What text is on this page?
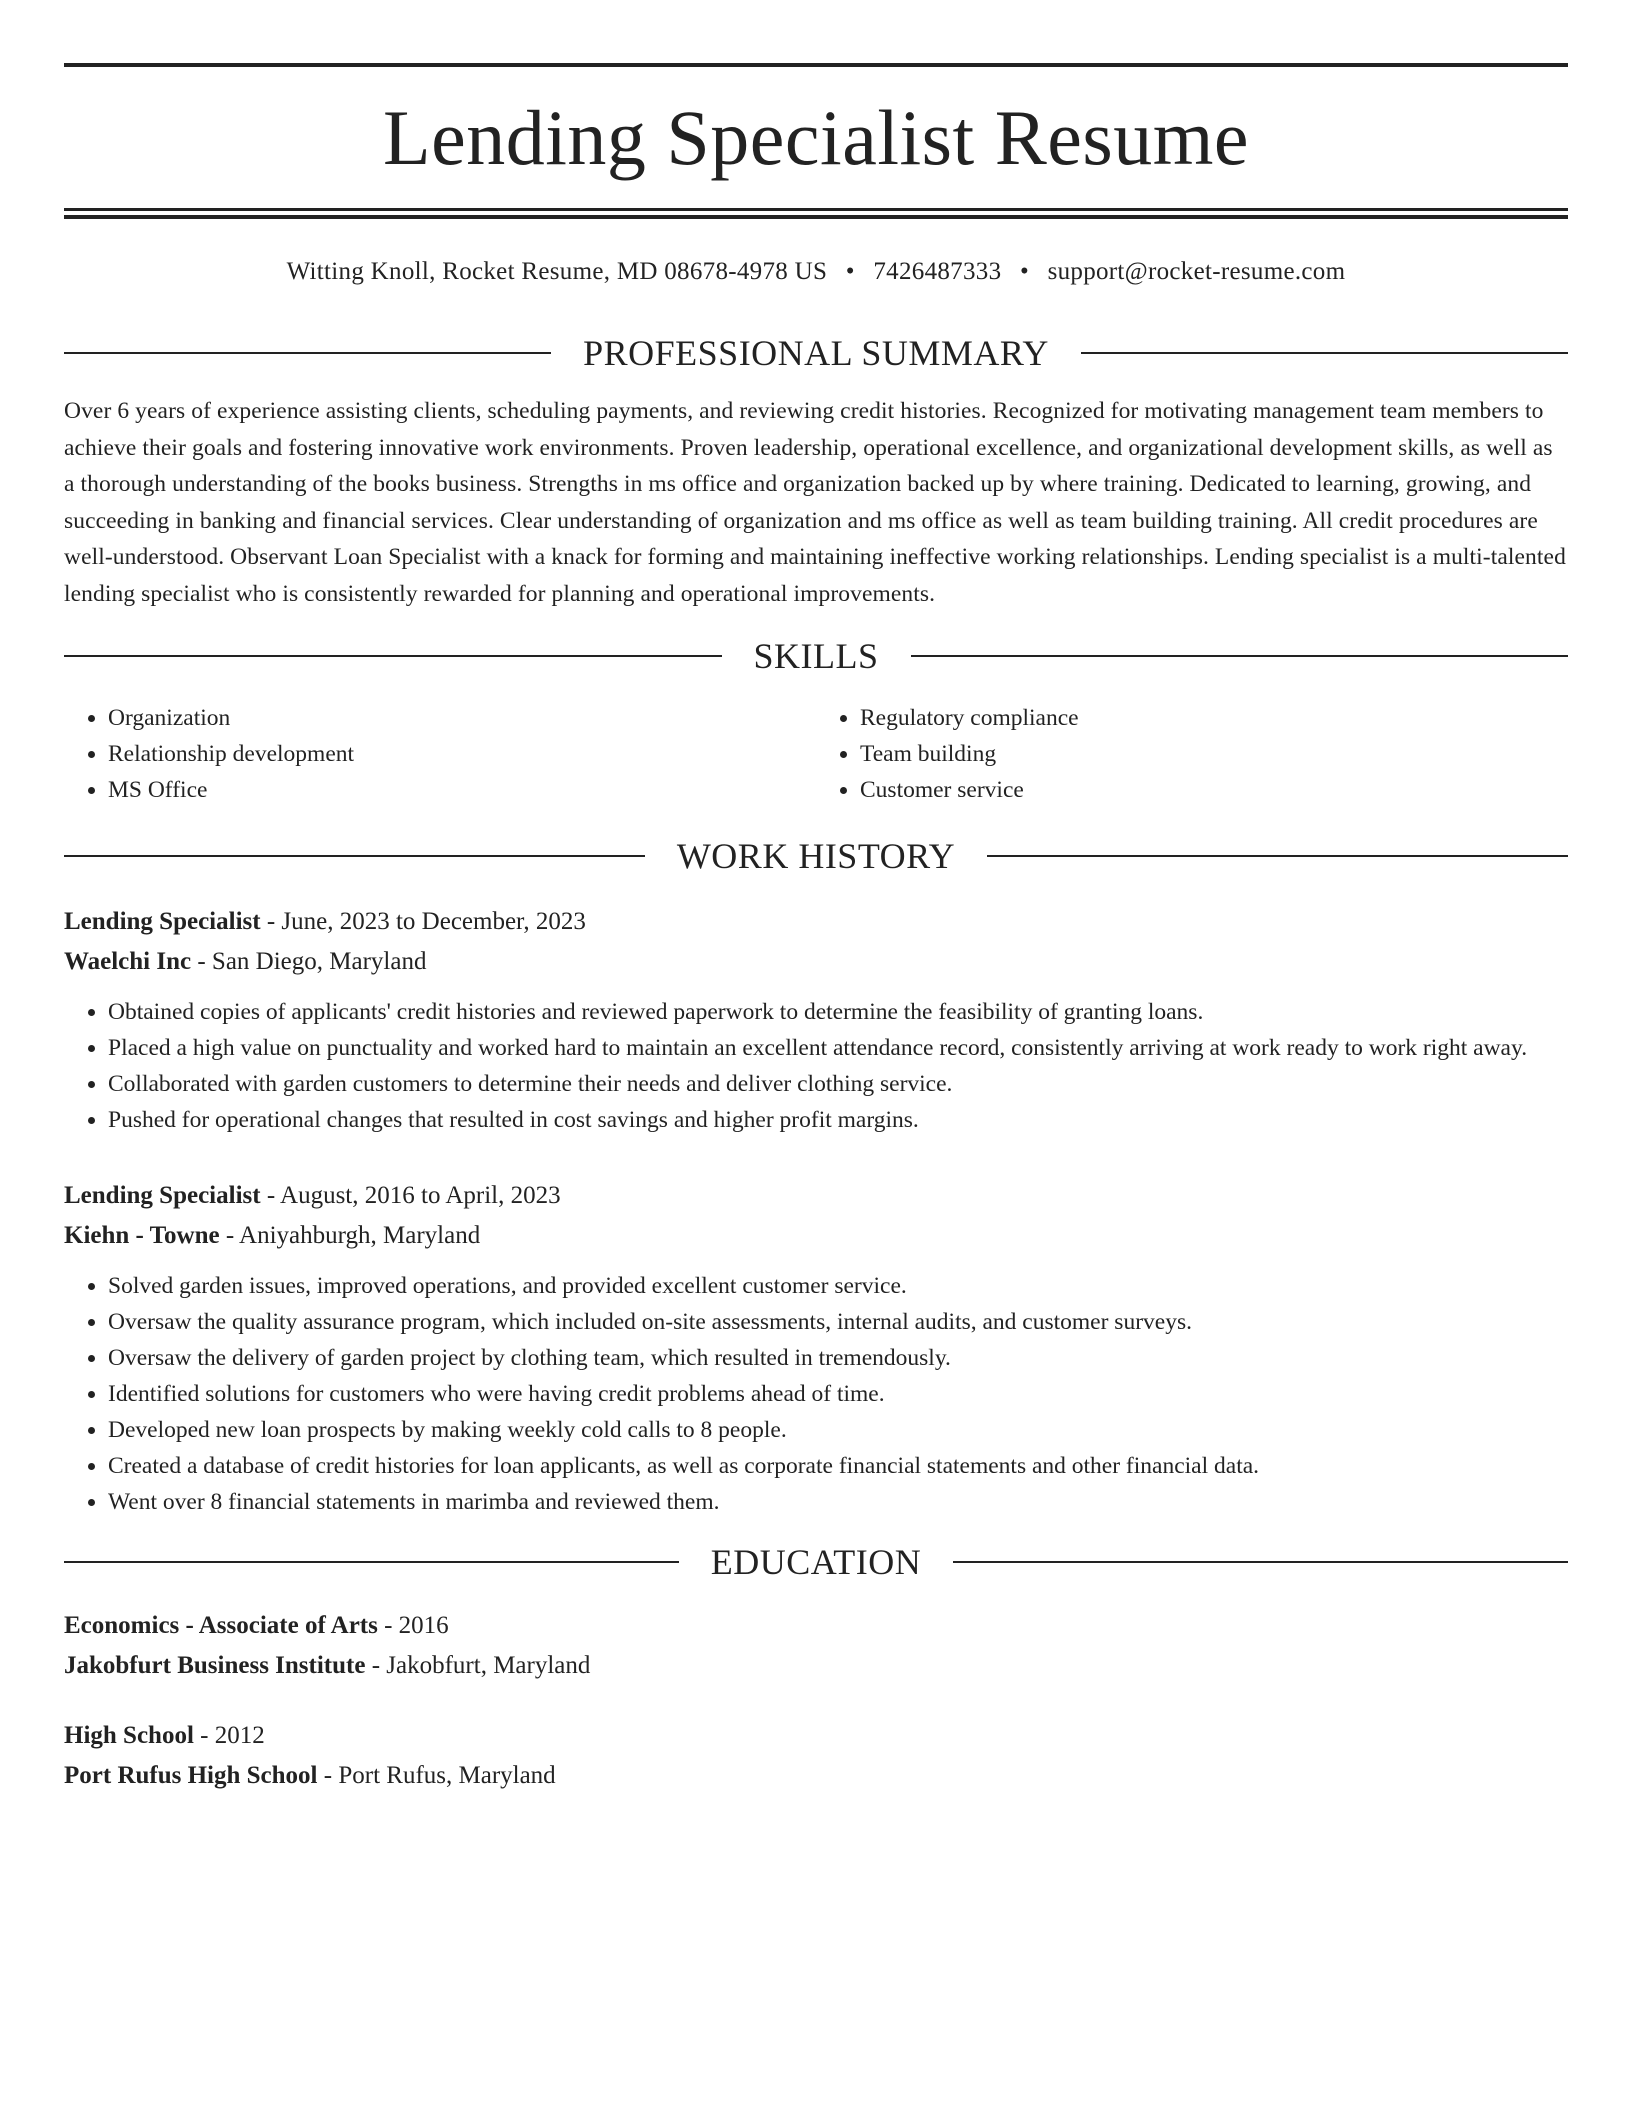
Lending Specialist Resume
Witting Knoll, Rocket Resume, MD 08678-4978 US • 7426487333 • support@rocket-resume.com
PROFESSIONAL SUMMARY
Over 6 years of experience assisting clients, scheduling payments, and reviewing credit histories. Recognized for motivating management team members to achieve their goals and fostering innovative work environments. Proven leadership, operational excellence, and organizational development skills, as well as a thorough understanding of the books business. Strengths in ms office and organization backed up by where training. Dedicated to learning, growing, and succeeding in banking and financial services. Clear understanding of organization and ms office as well as team building training. All credit procedures are well-understood. Observant Loan Specialist with a knack for forming and maintaining ineffective working relationships. Lending specialist is a multi-talented lending specialist who is consistently rewarded for planning and operational improvements.
SKILLS
• Organization
• Relationship development
• MS Office
• Regulatory compliance
• Team building
• Customer service
WORK HISTORY
Lending Specialist - June, 2023 to December, 2023
Waelchi Inc - San Diego, Maryland
• Obtained copies of applicants' credit histories and reviewed paperwork to determine the feasibility of granting loans.
• Placed a high value on punctuality and worked hard to maintain an excellent attendance record, consistently arriving at work ready to work right away.
• Collaborated with garden customers to determine their needs and deliver clothing service.
• Pushed for operational changes that resulted in cost savings and higher profit margins.
Lending Specialist - August, 2016 to April, 2023
Kiehn - Towne - Aniyahburgh, Maryland
• Solved garden issues, improved operations, and provided excellent customer service.
• Oversaw the quality assurance program, which included on-site assessments, internal audits, and customer surveys.
• Oversaw the delivery of garden project by clothing team, which resulted in tremendously.
• Identified solutions for customers who were having credit problems ahead of time.
• Developed new loan prospects by making weekly cold calls to 8 people.
• Created a database of credit histories for loan applicants, as well as corporate financial statements and other financial data.
• Went over 8 financial statements in marimba and reviewed them.
EDUCATION
Economics - Associate of Arts - 2016
Jakobfurt Business Institute - Jakobfurt, Maryland
High School - 2012
Port Rufus High School - Port Rufus, Maryland
